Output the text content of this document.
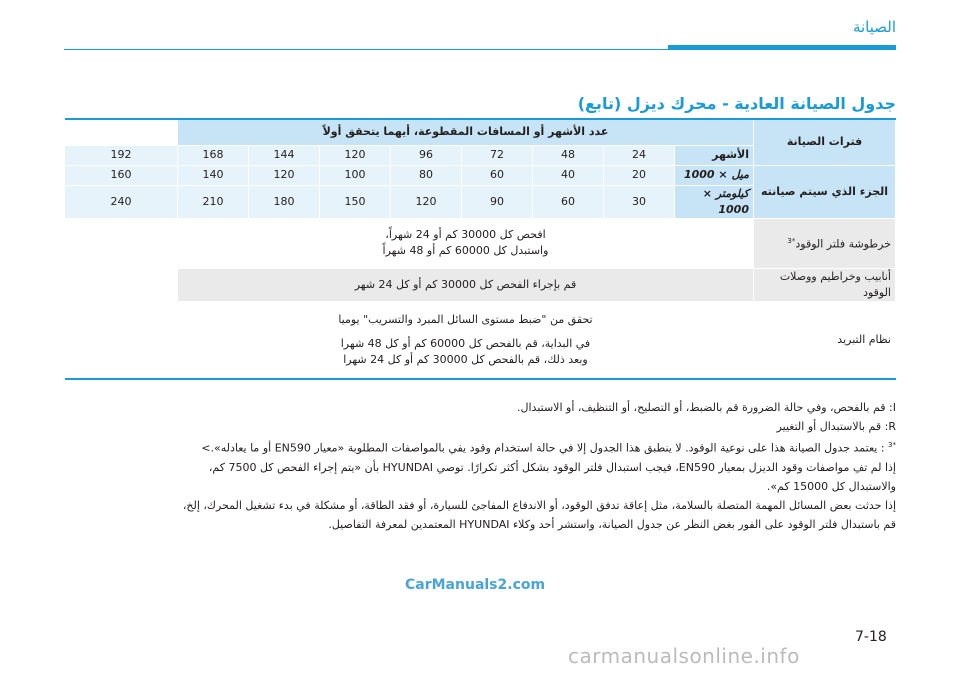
الصيانة
جدول الصيانة العادية - محرك ديزل (تابع)
فترات الصيانة	عدد الأشهر أو المسافات المقطوعة، أيهما يتحقق أولاً								
	الأشهر	24	48	72	96	120	144	168	192
الجزء الذي سيتم صيانته	ميل × 1000	20	40	60	80	100	120	140	160
	كيلومتر × 1000	30	60	90	120	150	180	210	240
خرطوشة فلتر الوقود$^{*3}$	افحص كل 30000 كم أو 24 شهراً،
واستبدل كل 60000 كم أو 48 شهراً								

أنابيب وخراطيم ووصلات الوقود	قم بإجراء الفحص كل 30000 كم أو كل 24 شهر								
نظام التبريد	تحقق من "ضبط مستوى السائل المبرد والتسريب" يوميا
في البداية، قم بالفحص كل 60000 كم أو كل 48 شهرا
وبعد ذلك، قم بالفحص كل 30000 كم أو كل 24 شهرا								

I: قم بالفحص، وفي حالة الضرورة قم بالضبط، أو التصليح، أو التنظيف، أو الاستبدال.

R: قم بالاستبدال أو التغيير

$^{*3}$ : يعتمد جدول الصيانة هذا على نوعية الوقود. لا ينطبق هذا الجدول إلا في حالة استخدام وقود يفي بالمواصفات المطلوبة «معيار EN590 أو ما يعادله».>

إذا لم تفِ مواصفات وقود الديزل بمعيار EN590، فيجب استبدال فلتر الوقود بشكل أكثر تكرارًا. توصي HYUNDAI بأن «يتم إجراء الفحص كل 7500 كم،

والاستبدال كل 15000 كم».

إذا حدثت بعض المسائل المهمة المتصلة بالسلامة، مثل إعاقة تدفق الوقود، أو الاندفاع المفاجئ للسيارة، أو فقد الطاقة، أو مشكلة في بدء تشغيل المحرك، إلخ،

قم باستبدال فلتر الوقود على الفور بغض النظر عن جدول الصيانة، واستشر أحد وكلاء HYUNDAI المعتمدين لمعرفة التفاصيل.

CarManuals2.com
7-18
carmanualsonline.info
